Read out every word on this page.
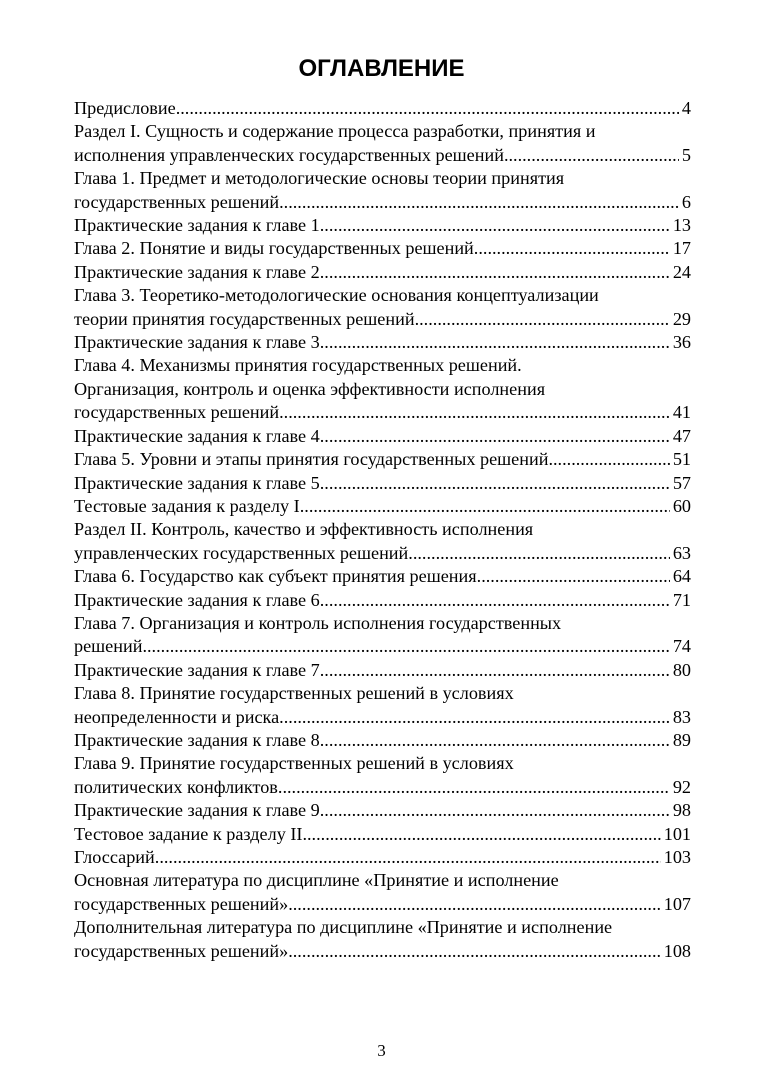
ОГЛАВЛЕНИЕ
Предисловие .....	4
Раздел I. Сущность и содержание процесса разработки, принятия и
исполнения управленческих государственных решений .....	5
Глава 1. Предмет и методологические основы теории принятия
государственных решений .....	6
Практические задания к главе 1 .....	13
Глава 2. Понятие и виды государственных решений .....	17
Практические задания к главе 2 .....	24
Глава 3. Теоретико-методологические основания концептуализации
теории принятия государственных решений .....	29
Практические задания к главе 3 .....	36
Глава 4. Механизмы принятия государственных решений.
Организация, контроль и оценка эффективности исполнения
государственных решений .....	41
Практические задания к главе 4 .....	47
Глава 5. Уровни и этапы принятия государственных решений .....	51
Практические задания к главе 5 .....	57
Тестовые задания к разделу I .....	60
Раздел II. Контроль, качество и эффективность исполнения
управленческих государственных решений .....	63
Глава 6. Государство как субъект принятия решения .....	64
Практические задания к главе 6 .....	71
Глава 7. Организация и контроль исполнения государственных
решений .....	74
Практические задания к главе 7 .....	80
Глава 8. Принятие государственных решений в условиях
неопределенности и риска .....	83
Практические задания к главе 8 .....	89
Глава 9. Принятие государственных решений в условиях
политических конфликтов .....	92
Практические задания к главе 9 .....	98
Тестовое задание к разделу II .....	101
Глоссарий .....	103
Основная литература по дисциплине «Принятие и исполнение
государственных решений» .....	107
Дополнительная литература по дисциплине «Принятие и исполнение
государственных решений» .....	108
3
